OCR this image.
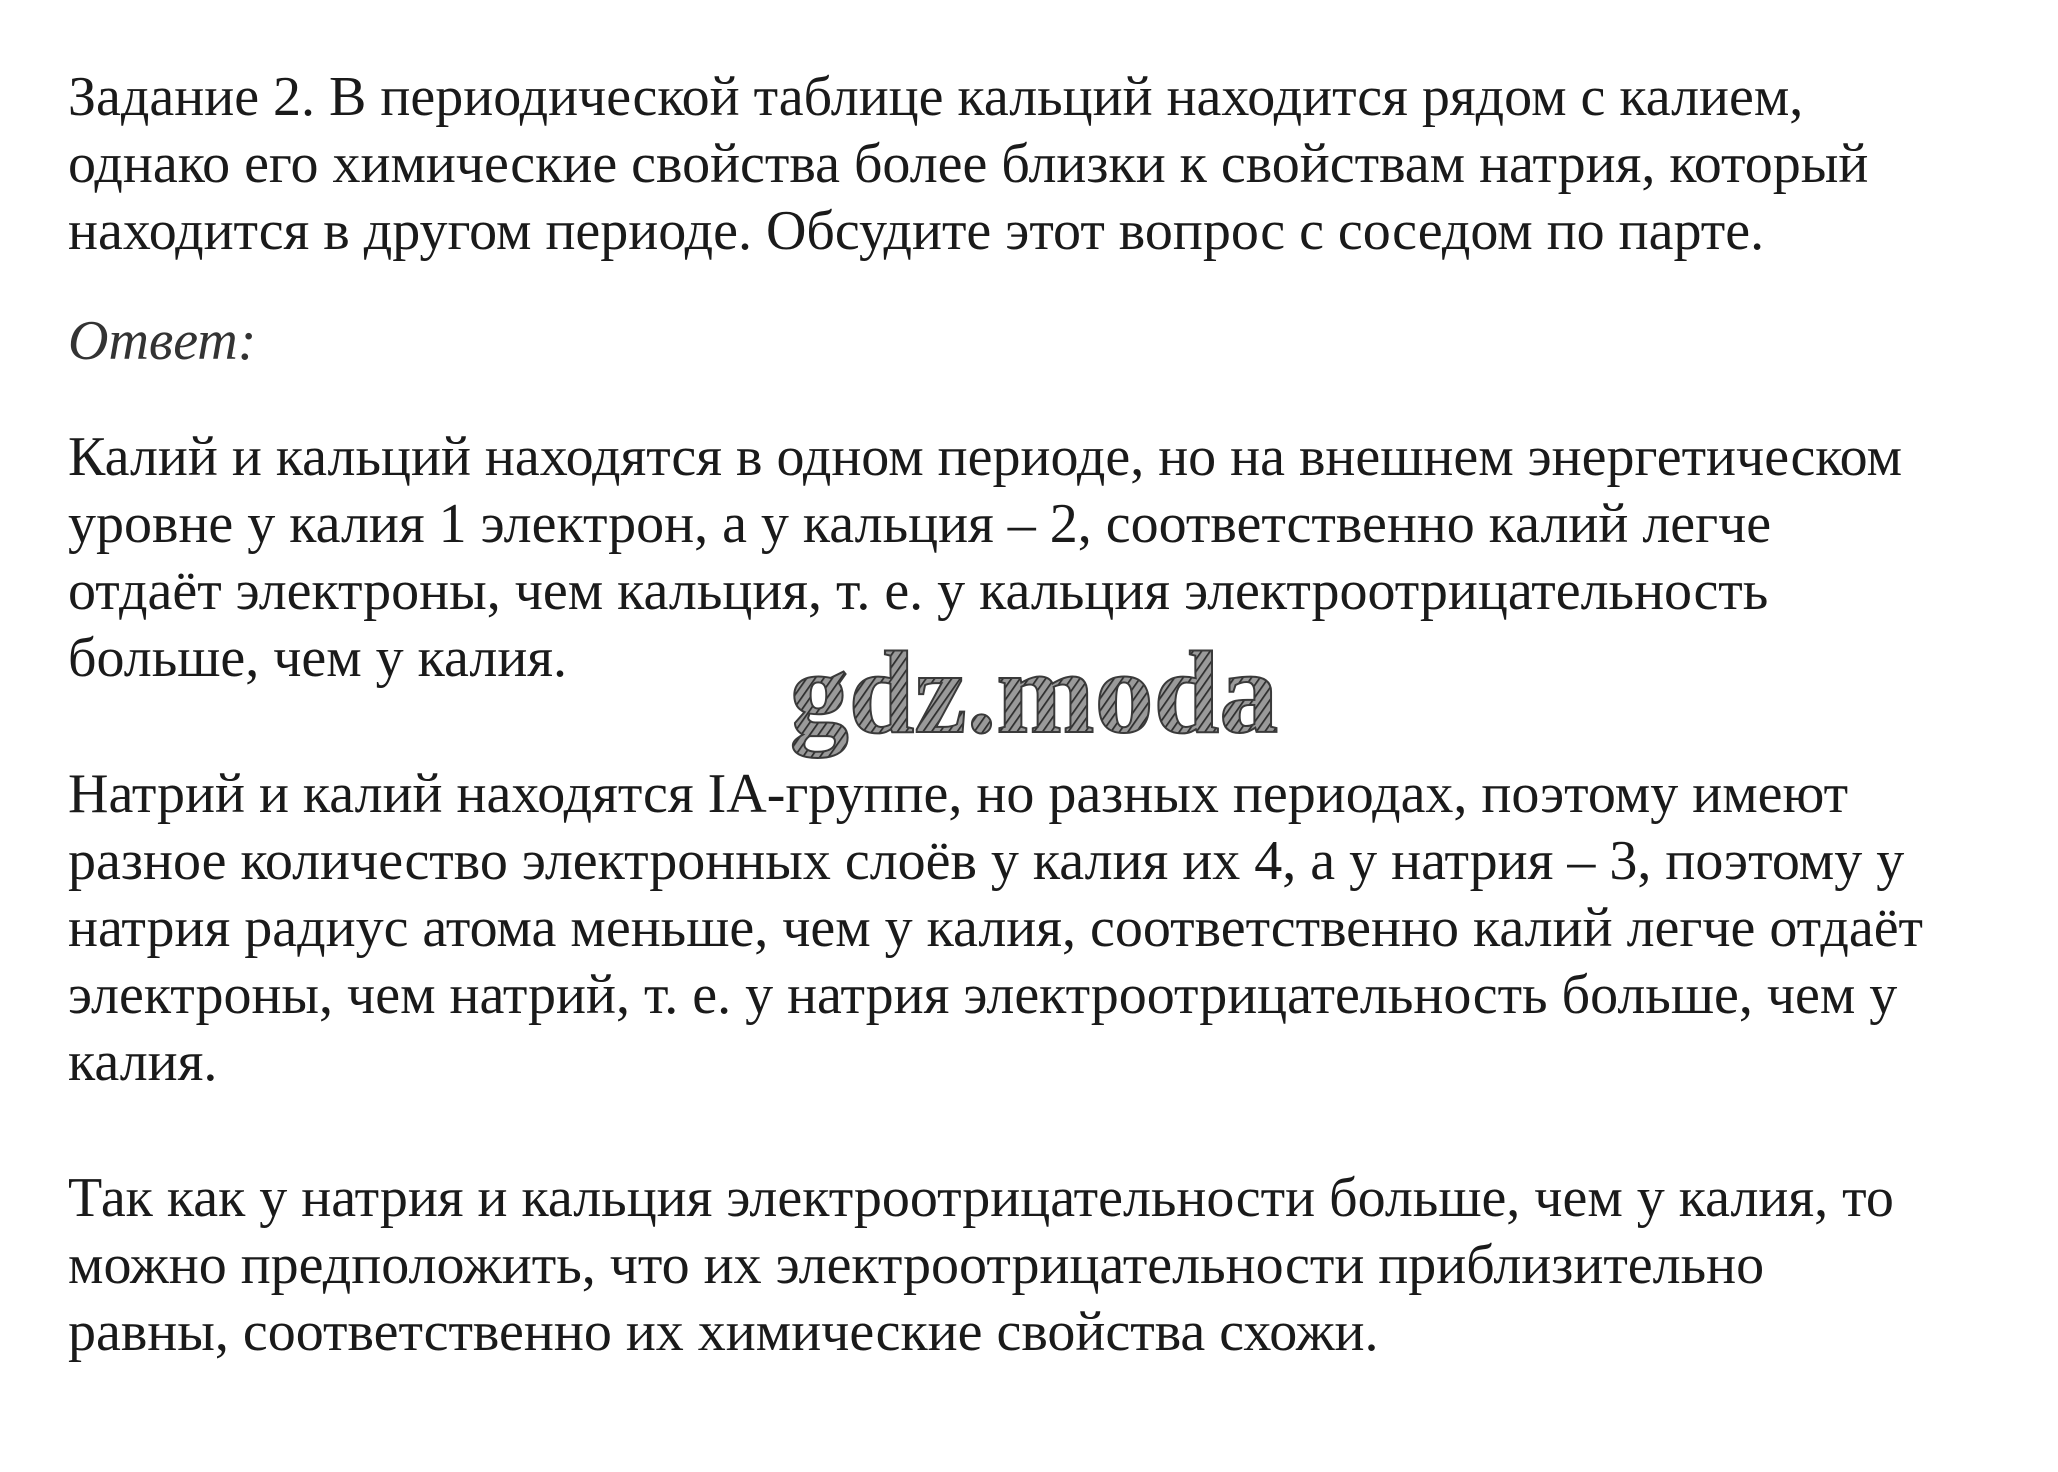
Задание 2. В периодической таблице кальций находится рядом с калием,
однако его химические свойства более близки к свойствам натрия, который
находится в другом периоде. Обсудите этот вопрос с соседом по парте.

Ответ:

Калий и кальций находятся в одном периоде, но на внешнем энергетическом
уровне у калия 1 электрон, а у кальция – 2, соответственно калий легче
отдаёт электроны, чем кальция, т. е. у кальция электроотрицательность
больше, чем у калия.

Натрий и калий находятся IA-группе, но разных периодах, поэтому имеют
разное количество электронных слоёв у калия их 4, а у натрия – 3, поэтому у
натрия радиус атома меньше, чем у калия, соответственно калий легче отдаёт
электроны, чем натрий, т. е. у натрия электроотрицательность больше, чем у
калия.

Так как у натрия и кальция электроотрицательности больше, чем у калия, то
можно предположить, что их электроотрицательности приблизительно
равны, соответственно их химические свойства схожи.

gdz.moda
